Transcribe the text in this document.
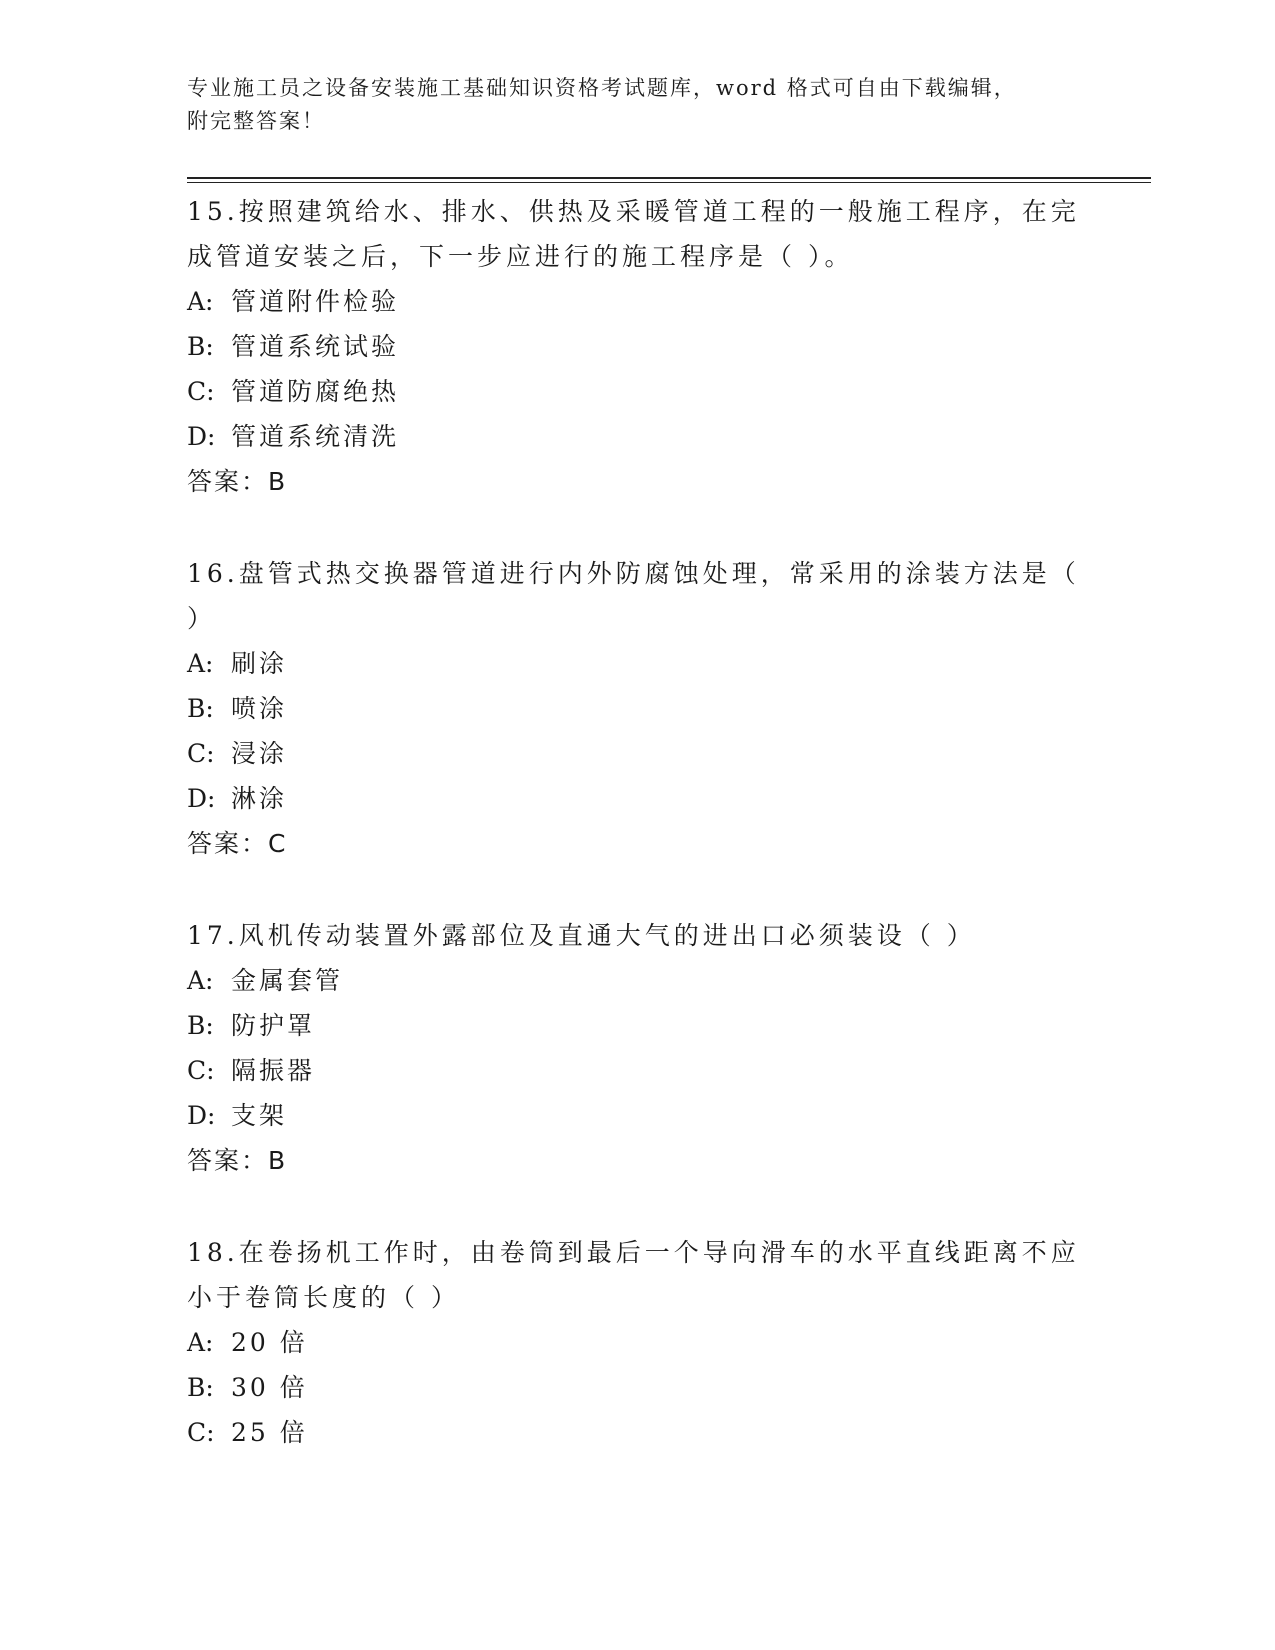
专业施工员之设备安装施工基础知识资格考试题库，word 格式可自由下载编辑，
附完整答案！

15.按照建筑给水、排水、供热及采暖管道工程的一般施工程序，在完

成管道安装之后，下一步应进行的施工程序是（ ）。

A: 管道附件检验

B: 管道系统试验

C: 管道防腐绝热

D: 管道系统清洗

答案：B

16.盘管式热交换器管道进行内外防腐蚀处理，常采用的涂装方法是（

）

A: 刷涂

B: 喷涂

C: 浸涂

D: 淋涂

答案：C

17.风机传动装置外露部位及直通大气的进出口必须装设（ ）

A: 金属套管

B: 防护罩

C: 隔振器

D: 支架

答案：B

18.在卷扬机工作时，由卷筒到最后一个导向滑车的水平直线距离不应

小于卷筒长度的（ ）

A: 20 倍

B: 30 倍

C: 25 倍
